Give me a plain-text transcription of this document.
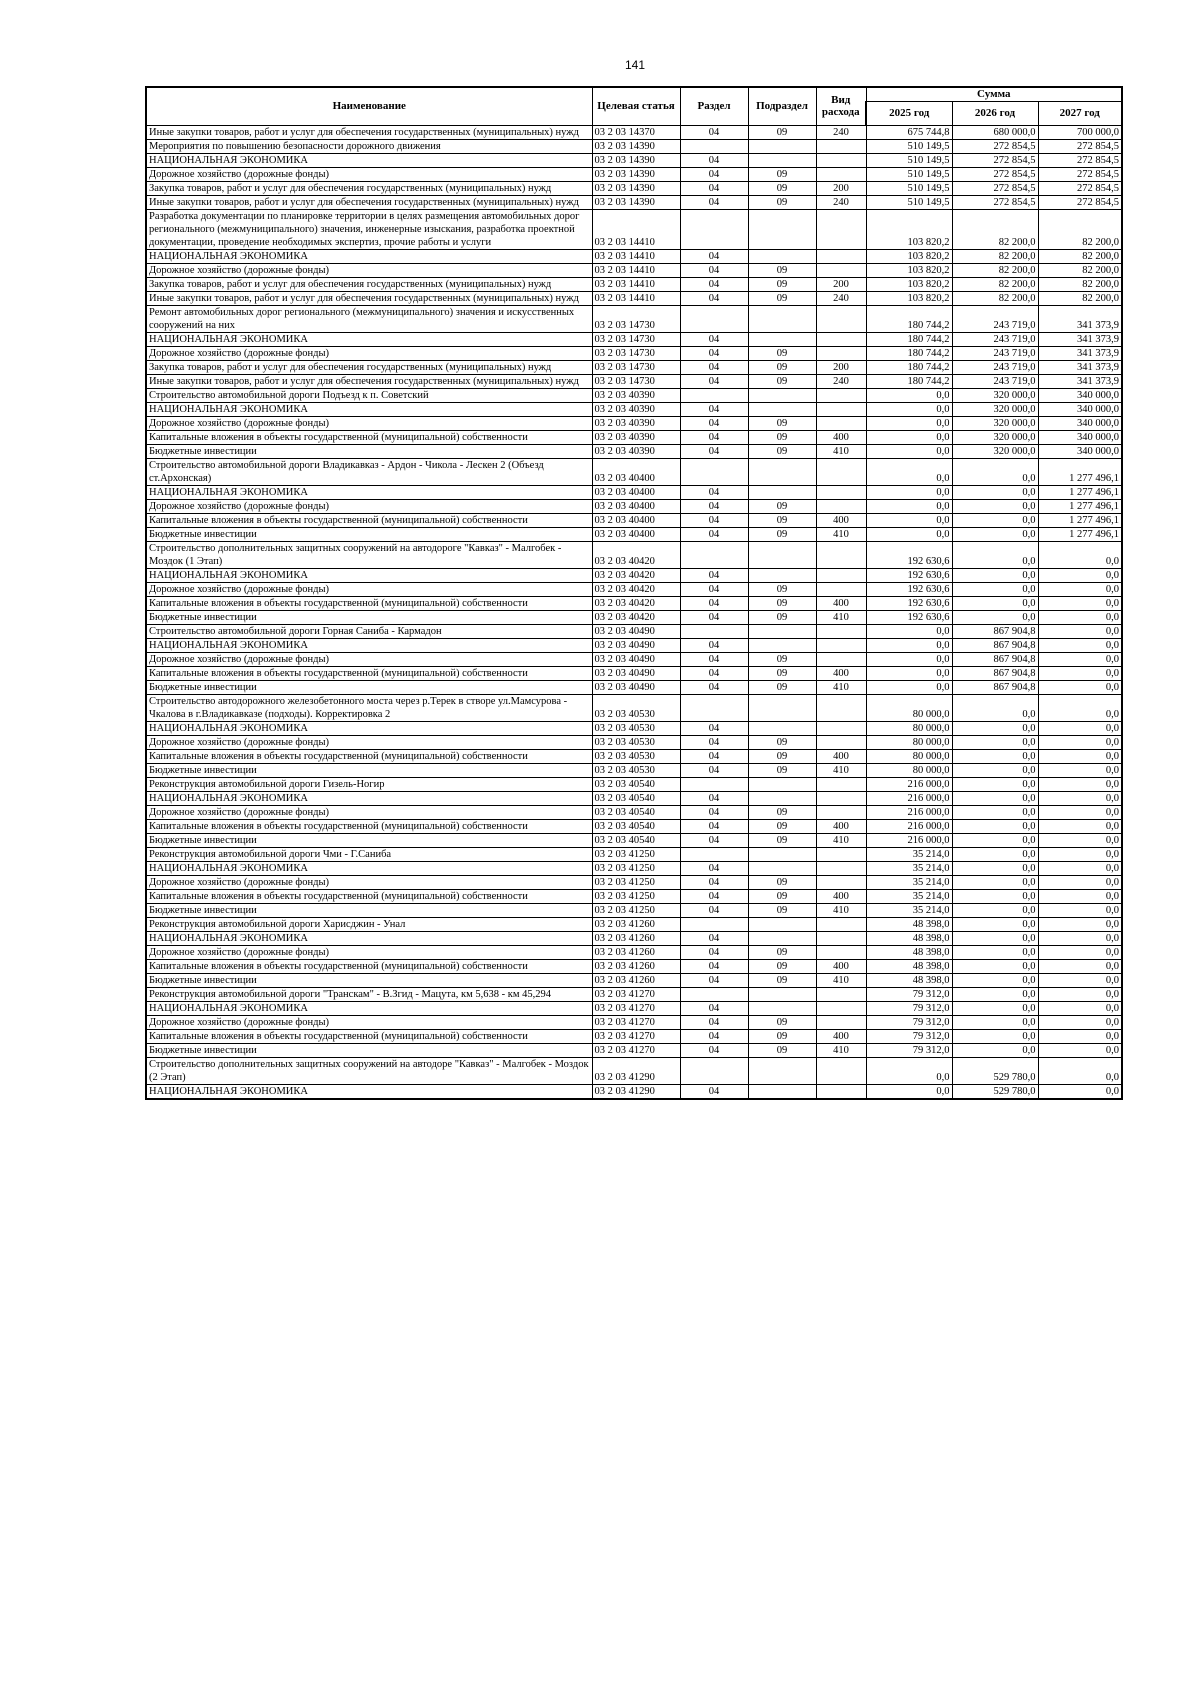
141
Наименование	Целевая статья	Раздел	Подраздел	Вид расхода	Сумма		
					2025 год	2026 год	2027 год
Иные закупки товаров, работ и услуг для обеспечения государственных (муниципальных) нужд	03 2 03 14370	04	09	240	675 744,8	680 000,0	700 000,0
Мероприятия по повышению безопасности дорожного движения	03 2 03 14390				510 149,5	272 854,5	272 854,5
НАЦИОНАЛЬНАЯ ЭКОНОМИКА	03 2 03 14390	04			510 149,5	272 854,5	272 854,5
Дорожное хозяйство (дорожные фонды)	03 2 03 14390	04	09		510 149,5	272 854,5	272 854,5
Закупка товаров, работ и услуг для обеспечения государственных (муниципальных) нужд	03 2 03 14390	04	09	200	510 149,5	272 854,5	272 854,5
Иные закупки товаров, работ и услуг для обеспечения государственных (муниципальных) нужд	03 2 03 14390	04	09	240	510 149,5	272 854,5	272 854,5
Разработка документации по планировке территории в целях размещения автомобильных дорог регионального (межмуниципального) значения, инженерные изыскания, разработка проектной документации, проведение необходимых экспертиз, прочие работы и услуги	03 2 03 14410				103 820,2	82 200,0	82 200,0
НАЦИОНАЛЬНАЯ ЭКОНОМИКА	03 2 03 14410	04			103 820,2	82 200,0	82 200,0
Дорожное хозяйство (дорожные фонды)	03 2 03 14410	04	09		103 820,2	82 200,0	82 200,0
Закупка товаров, работ и услуг для обеспечения государственных (муниципальных) нужд	03 2 03 14410	04	09	200	103 820,2	82 200,0	82 200,0
Иные закупки товаров, работ и услуг для обеспечения государственных (муниципальных) нужд	03 2 03 14410	04	09	240	103 820,2	82 200,0	82 200,0
Ремонт автомобильных дорог регионального (межмуниципального) значения и искусственных сооружений на них	03 2 03 14730				180 744,2	243 719,0	341 373,9
НАЦИОНАЛЬНАЯ ЭКОНОМИКА	03 2 03 14730	04			180 744,2	243 719,0	341 373,9
Дорожное хозяйство (дорожные фонды)	03 2 03 14730	04	09		180 744,2	243 719,0	341 373,9
Закупка товаров, работ и услуг для обеспечения государственных (муниципальных) нужд	03 2 03 14730	04	09	200	180 744,2	243 719,0	341 373,9
Иные закупки товаров, работ и услуг для обеспечения государственных (муниципальных) нужд	03 2 03 14730	04	09	240	180 744,2	243 719,0	341 373,9
Строительство автомобильной дороги Подъезд к п. Советский	03 2 03 40390				0,0	320 000,0	340 000,0
НАЦИОНАЛЬНАЯ ЭКОНОМИКА	03 2 03 40390	04			0,0	320 000,0	340 000,0
Дорожное хозяйство (дорожные фонды)	03 2 03 40390	04	09		0,0	320 000,0	340 000,0
Капитальные вложения в объекты государственной (муниципальной) собственности	03 2 03 40390	04	09	400	0,0	320 000,0	340 000,0
Бюджетные инвестиции	03 2 03 40390	04	09	410	0,0	320 000,0	340 000,0
Строительство автомобильной дороги Владикавказ - Ардон - Чикола - Лескен 2 (Объезд ст.Архонская)	03 2 03 40400				0,0	0,0	1 277 496,1
НАЦИОНАЛЬНАЯ ЭКОНОМИКА	03 2 03 40400	04			0,0	0,0	1 277 496,1
Дорожное хозяйство (дорожные фонды)	03 2 03 40400	04	09		0,0	0,0	1 277 496,1
Капитальные вложения в объекты государственной (муниципальной) собственности	03 2 03 40400	04	09	400	0,0	0,0	1 277 496,1
Бюджетные инвестиции	03 2 03 40400	04	09	410	0,0	0,0	1 277 496,1
Строительство дополнительных защитных сооружений на автодороге "Кавказ" - Малгобек - Моздок (1 Этап)	03 2 03 40420				192 630,6	0,0	0,0
НАЦИОНАЛЬНАЯ ЭКОНОМИКА	03 2 03 40420	04			192 630,6	0,0	0,0
Дорожное хозяйство (дорожные фонды)	03 2 03 40420	04	09		192 630,6	0,0	0,0
Капитальные вложения в объекты государственной (муниципальной) собственности	03 2 03 40420	04	09	400	192 630,6	0,0	0,0
Бюджетные инвестиции	03 2 03 40420	04	09	410	192 630,6	0,0	0,0
Строительство автомобильной дороги Горная Саниба - Кармадон	03 2 03 40490				0,0	867 904,8	0,0
НАЦИОНАЛЬНАЯ ЭКОНОМИКА	03 2 03 40490	04			0,0	867 904,8	0,0
Дорожное хозяйство (дорожные фонды)	03 2 03 40490	04	09		0,0	867 904,8	0,0
Капитальные вложения в объекты государственной (муниципальной) собственности	03 2 03 40490	04	09	400	0,0	867 904,8	0,0
Бюджетные инвестиции	03 2 03 40490	04	09	410	0,0	867 904,8	0,0
Строительство автодорожного железобетонного моста через р.Терек в створе ул.Мамсурова - Чкалова в г.Владикавказе (подходы). Корректировка 2	03 2 03 40530				80 000,0	0,0	0,0
НАЦИОНАЛЬНАЯ ЭКОНОМИКА	03 2 03 40530	04			80 000,0	0,0	0,0
Дорожное хозяйство (дорожные фонды)	03 2 03 40530	04	09		80 000,0	0,0	0,0
Капитальные вложения в объекты государственной (муниципальной) собственности	03 2 03 40530	04	09	400	80 000,0	0,0	0,0
Бюджетные инвестиции	03 2 03 40530	04	09	410	80 000,0	0,0	0,0
Реконструкция автомобильной дороги Гизель-Ногир	03 2 03 40540				216 000,0	0,0	0,0
НАЦИОНАЛЬНАЯ ЭКОНОМИКА	03 2 03 40540	04			216 000,0	0,0	0,0
Дорожное хозяйство (дорожные фонды)	03 2 03 40540	04	09		216 000,0	0,0	0,0
Капитальные вложения в объекты государственной (муниципальной) собственности	03 2 03 40540	04	09	400	216 000,0	0,0	0,0
Бюджетные инвестиции	03 2 03 40540	04	09	410	216 000,0	0,0	0,0
Реконструкция автомобильной дороги Чми - Г.Саниба	03 2 03 41250				35 214,0	0,0	0,0
НАЦИОНАЛЬНАЯ ЭКОНОМИКА	03 2 03 41250	04			35 214,0	0,0	0,0
Дорожное хозяйство (дорожные фонды)	03 2 03 41250	04	09		35 214,0	0,0	0,0
Капитальные вложения в объекты государственной (муниципальной) собственности	03 2 03 41250	04	09	400	35 214,0	0,0	0,0
Бюджетные инвестиции	03 2 03 41250	04	09	410	35 214,0	0,0	0,0
Реконструкция автомобильной дороги Харисджин - Унал	03 2 03 41260				48 398,0	0,0	0,0
НАЦИОНАЛЬНАЯ ЭКОНОМИКА	03 2 03 41260	04			48 398,0	0,0	0,0
Дорожное хозяйство (дорожные фонды)	03 2 03 41260	04	09		48 398,0	0,0	0,0
Капитальные вложения в объекты государственной (муниципальной) собственности	03 2 03 41260	04	09	400	48 398,0	0,0	0,0
Бюджетные инвестиции	03 2 03 41260	04	09	410	48 398,0	0,0	0,0
Реконструкция автомобильной дороги "Транскам" - В.Згид - Мацута, км 5,638 - км 45,294	03 2 03 41270				79 312,0	0,0	0,0
НАЦИОНАЛЬНАЯ ЭКОНОМИКА	03 2 03 41270	04			79 312,0	0,0	0,0
Дорожное хозяйство (дорожные фонды)	03 2 03 41270	04	09		79 312,0	0,0	0,0
Капитальные вложения в объекты государственной (муниципальной) собственности	03 2 03 41270	04	09	400	79 312,0	0,0	0,0
Бюджетные инвестиции	03 2 03 41270	04	09	410	79 312,0	0,0	0,0
Строительство дополнительных защитных сооружений на автодоре "Кавказ" - Малгобек - Моздок (2 Этап)	03 2 03 41290				0,0	529 780,0	0,0
НАЦИОНАЛЬНАЯ ЭКОНОМИКА	03 2 03 41290	04			0,0	529 780,0	0,0
